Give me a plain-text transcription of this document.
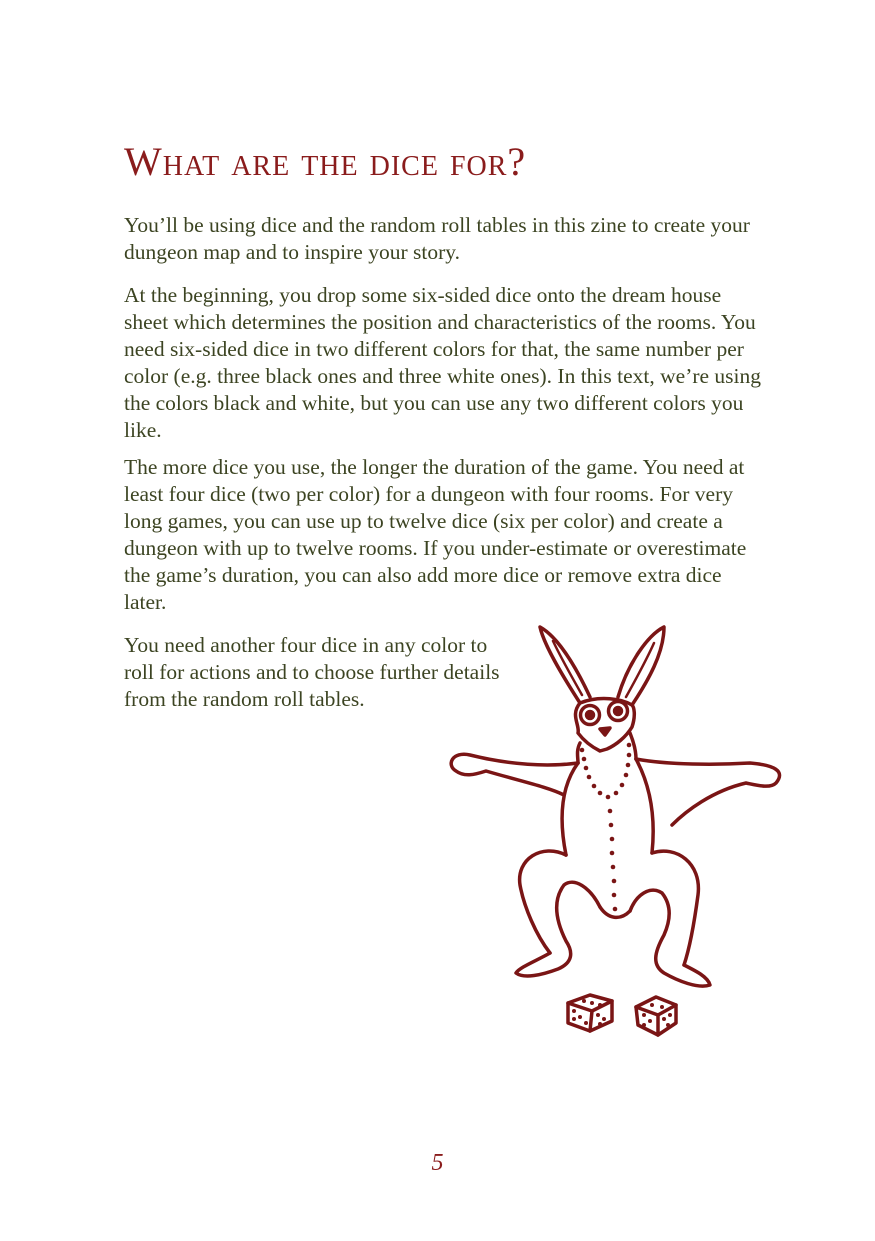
What are the dice for?

You’ll be using dice and the random roll tables in this zine to create your dungeon map and to inspire your story.

At the beginning, you drop some six-sided dice onto the dream house sheet which determines the position and characteristics of the rooms. You need six-sided dice in two different colors for that, the same number per color (e.g. three black ones and three white ones). In this text, we’re using the colors black and white, but you can use any two different colors you like.

The more dice you use, the longer the duration of the game. You need at least four dice (two per color) for a dungeon with four rooms. For very long games, you can use up to twelve dice (six per color) and create a dungeon with up to twelve rooms. If you under-estimate or overestimate the game’s duration, you can also add more dice or remove extra dice later.

You need another four dice in any color to roll for actions and to choose further details from the random roll tables.

5
